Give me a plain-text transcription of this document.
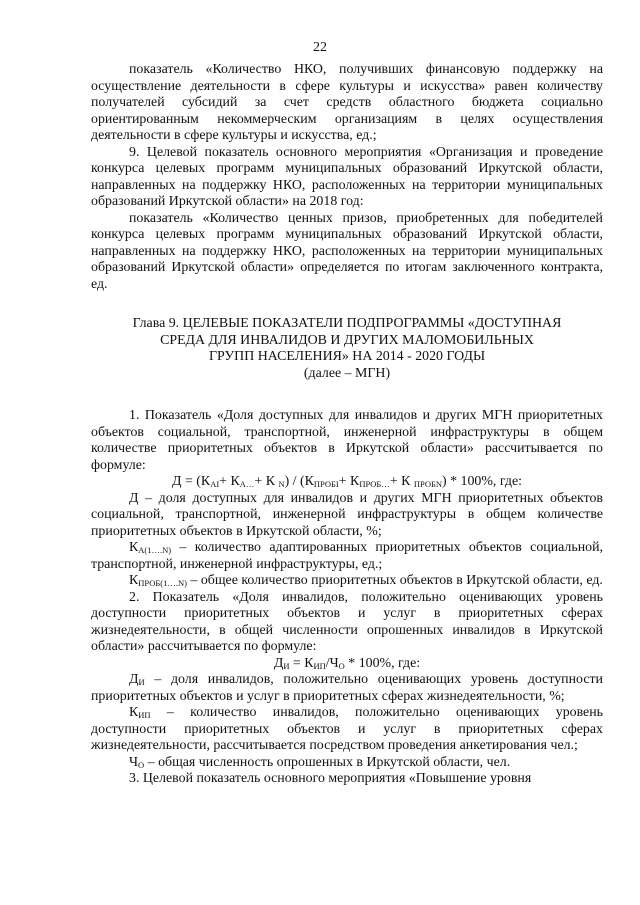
22

показатель «Количество НКО, получивших финансовую поддержку на осуществление деятельности в сфере культуры и искусства» равен количеству получателей субсидий за счет средств областного бюджета социально ориентированным некоммерческим организациям в целях осуществления деятельности в сфере культуры и искусства, ед.;

9. Целевой показатель основного мероприятия «Организация и проведение конкурса целевых программ муниципальных образований Иркутской области, направленных на поддержку НКО, расположенных на территории муниципальных образований Иркутской области» на 2018 год:

показатель «Количество ценных призов, приобретенных для победителей конкурса целевых программ муниципальных образований Иркутской области, направленных на поддержку НКО, расположенных на территории муниципальных образований Иркутской области» определяется по итогам заключенного контракта, ед.

Глава 9. ЦЕЛЕВЫЕ ПОКАЗАТЕЛИ ПОДПРОГРАММЫ «ДОСТУПНАЯ
СРЕДА ДЛЯ ИНВАЛИДОВ И ДРУГИХ МАЛОМОБИЛЬНЫХ
ГРУПП НАСЕЛЕНИЯ» НА 2014 - 2020 ГОДЫ
(далее – МГН)

1. Показатель «Доля доступных для инвалидов и других МГН приоритетных объектов социальной, транспортной, инженерной инфраструктуры в общем количестве приоритетных объектов в Иркутской области» рассчитывается по формуле:

$Д = (К_{АІ}+ К_{А\dots}+ К$ $_N) / (К_{ПРОБІ}+ К_{ПРОБ\dots}+ К$ $_{ПРОБN}$) * 100%, где:

Д – доля доступных для инвалидов и других МГН приоритетных объектов социальной, транспортной, инженерной инфраструктуры в общем количестве приоритетных объектов в Иркутской области, %;

$К_{А(1\dots.N)}$ – количество адаптированных приоритетных объектов социальной, транспортной, инженерной инфраструктуры, ед.;

$К_{ПРОБ(1\dots.N)}$ – общее количество приоритетных объектов в Иркутской области, ед.

2. Показатель «Доля инвалидов, положительно оценивающих уровень доступности приоритетных объектов и услуг в приоритетных сферах жизнедеятельности, в общей численности опрошенных инвалидов в Иркутской области» рассчитывается по формуле:

$Д_И = К_{ИП}/Ч_О * 100\%$, где:

$Д_И$ – доля инвалидов, положительно оценивающих уровень доступности приоритетных объектов и услуг в приоритетных сферах жизнедеятельности, %;

$К_{ИП}$ – количество инвалидов, положительно оценивающих уровень доступности приоритетных объектов и услуг в приоритетных сферах жизнедеятельности, рассчитывается посредством проведения анкетирования чел.;

$Ч_О$ – общая численность опрошенных в Иркутской области, чел.

3. Целевой показатель основного мероприятия «Повышение уровня
